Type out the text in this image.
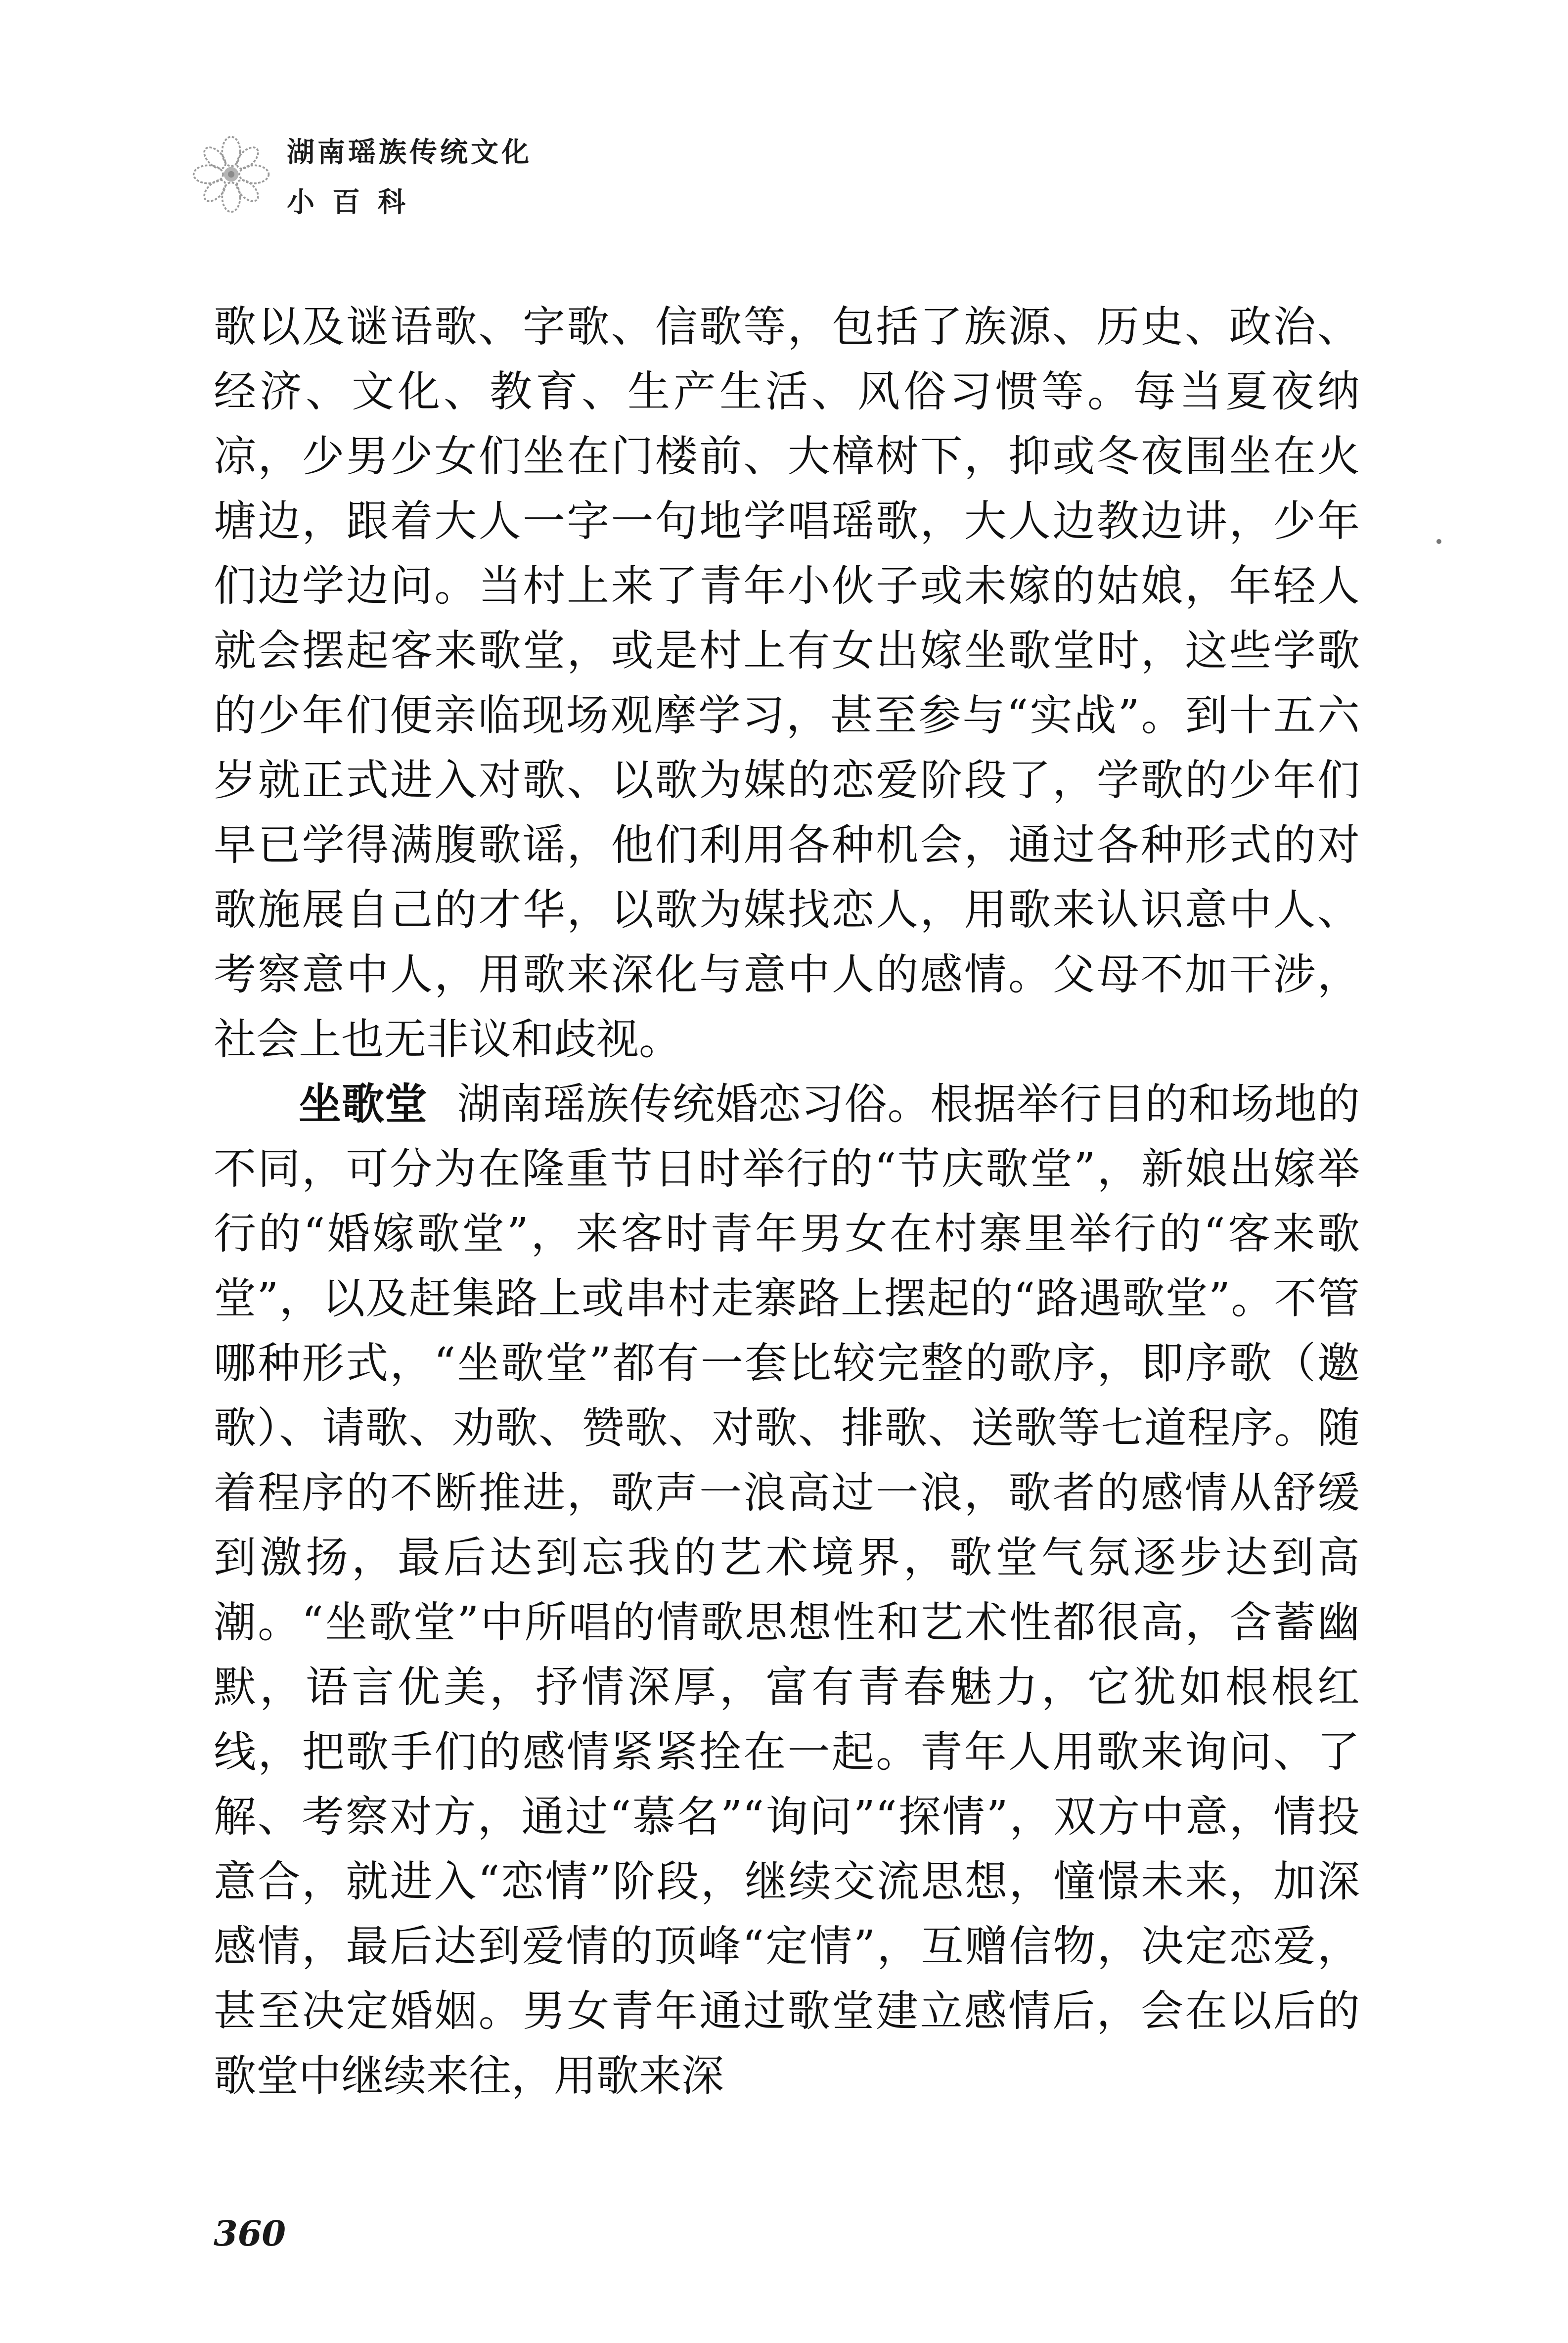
湖南瑶族传统文化
小百科

歌以及谜语歌、字歌、信歌等，包括了族源、历史、政治、经济、文化、教育、生产生活、风俗习惯等。每当夏夜纳凉，少男少女们坐在门楼前、大樟树下，抑或冬夜围坐在火塘边，跟着大人一字一句地学唱瑶歌，大人边教边讲，少年们边学边问。当村上来了青年小伙子或未嫁的姑娘，年轻人就会摆起客来歌堂，或是村上有女出嫁坐歌堂时，这些学歌的少年们便亲临现场观摩学习，甚至参与“实战”。到十五六岁就正式进入对歌、以歌为媒的恋爱阶段了，学歌的少年们早已学得满腹歌谣，他们利用各种机会，通过各种形式的对歌施展自己的才华，以歌为媒找恋人，用歌来认识意中人、考察意中人，用歌来深化与意中人的感情。父母不加干涉，社会上也无非议和歧视。

坐歌堂 湖南瑶族传统婚恋习俗。根据举行目的和场地的不同，可分为在隆重节日时举行的“节庆歌堂”，新娘出嫁举行的“婚嫁歌堂”，来客时青年男女在村寨里举行的“客来歌堂”，以及赶集路上或串村走寨路上摆起的“路遇歌堂”。不管哪种形式，“坐歌堂”都有一套比较完整的歌序，即序歌（邀歌）、请歌、劝歌、赞歌、对歌、排歌、送歌等七道程序。随着程序的不断推进，歌声一浪高过一浪，歌者的感情从舒缓到激扬，最后达到忘我的艺术境界，歌堂气氛逐步达到高潮。“坐歌堂”中所唱的情歌思想性和艺术性都很高，含蓄幽默，语言优美，抒情深厚，富有青春魅力，它犹如根根红线，把歌手们的感情紧紧拴在一起。青年人用歌来询问、了解、考察对方，通过“慕名”“询问”“探情”，双方中意，情投意合，就进入“恋情”阶段，继续交流思想，憧憬未来，加深感情，最后达到爱情的顶峰“定情”，互赠信物，决定恋爱，甚至决定婚姻。男女青年通过歌堂建立感情后，会在以后的歌堂中继续来往，用歌来深

360
